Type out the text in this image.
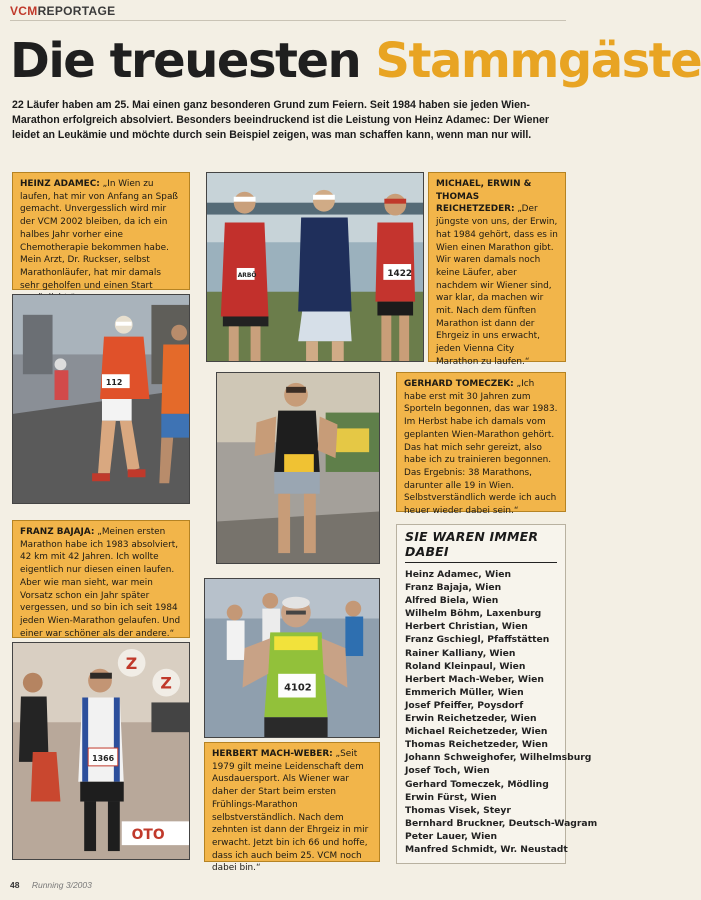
VCMREPORTAGE
Die treuesten Stammgäste
22 Läufer haben am 25. Mai einen ganz besonderen Grund zum Feiern. Seit 1984 haben sie jeden Wien-Marathon erfolgreich absolviert. Besonders beeindruckend ist die Leistung von Heinz Adamec: Der Wiener leidet an Leukämie und möchte durch sein Beispiel zeigen, was man schaffen kann, wenn man nur will.
HEINZ ADAMEC: „In Wien zu laufen, hat mir von Anfang an Spaß gemacht. Unvergesslich wird mir der VCM 2002 bleiben, da ich ein halbes Jahr vorher eine Chemotherapie bekommen habe. Mein Arzt, Dr. Ruckser, selbst Marathonläufer, hat mir damals sehr geholfen und einen Start
112
ARBÖ	1422
MICHAEL, ERWIN & THOMAS REICHETZEDER: „Der jüngste von uns, der Erwin, hat 1984 gehört, dass es in Wien einen Marathon gibt. Wir waren damals noch keine Läufer, aber nachdem wir Wiener sind, war klar, da machen wir mit. Nach dem fünften Marathon ist dann der Ehrgeiz in uns erwacht, jeden Vienna City Marathon zu laufen.“
GERHARD TOMECZEK: „Ich habe erst mit 30 Jahren zum Sporteln begonnen, das war 1983. Im Herbst habe ich damals vom geplanten Wien-Marathon gehört. Das hat mich sehr gereizt, also habe ich zu trainieren begonnen. Das Ergebnis: 38 Marathons, darunter alle 19 in Wien. Selbstverständlich werde ich auch heuer wieder dabei sein.“
FRANZ BAJAJA: „Meinen ersten Marathon habe ich 1983 absolviert, 42 km mit 42 Jahren. Ich wollte eigentlich nur diesen einen laufen. Aber wie man sieht, war mein Vorsatz schon ein Jahr später vergessen, und so bin ich seit 1984 jeden Wien-Marathon gelaufen. Und einer war schöner als der andere.“
Z
Z
1366
OTO
4102
HERBERT MACH-WEBER: „Seit 1979 gilt meine Leidenschaft dem Ausdauersport. Als Wiener war daher der Start beim ersten Frühlings-Marathon selbstverständlich. Nach dem zehnten ist dann der Ehrgeiz in mir erwacht. Jetzt bin ich 66 und hoffe, dass ich auch beim 25. VCM noch dabei bin.“
SIE WAREN IMMER DABEI
Heinz Adamec, Wien
Franz Bajaja, Wien
Alfred Biela, Wien
Wilhelm Böhm, Laxenburg
Herbert Christian, Wien
Franz Gschiegl, Pfaffstätten
Rainer Kalliany, Wien
Roland Kleinpaul, Wien
Herbert Mach-Weber, Wien
Emmerich Müller, Wien
Josef Pfeiffer, Poysdorf
Erwin Reichetzeder, Wien
Michael Reichetzeder, Wien
Thomas Reichetzeder, Wien
Johann Schweighofer, Wilhelmsburg
Josef Toch, Wien
Gerhard Tomeczek, Mödling
Erwin Fürst, Wien
Thomas Visek, Steyr
Bernhard Bruckner, Deutsch-Wagram
Peter Lauer, Wien
Manfred Schmidt, Wr. Neustadt
48 Running 3/2003
